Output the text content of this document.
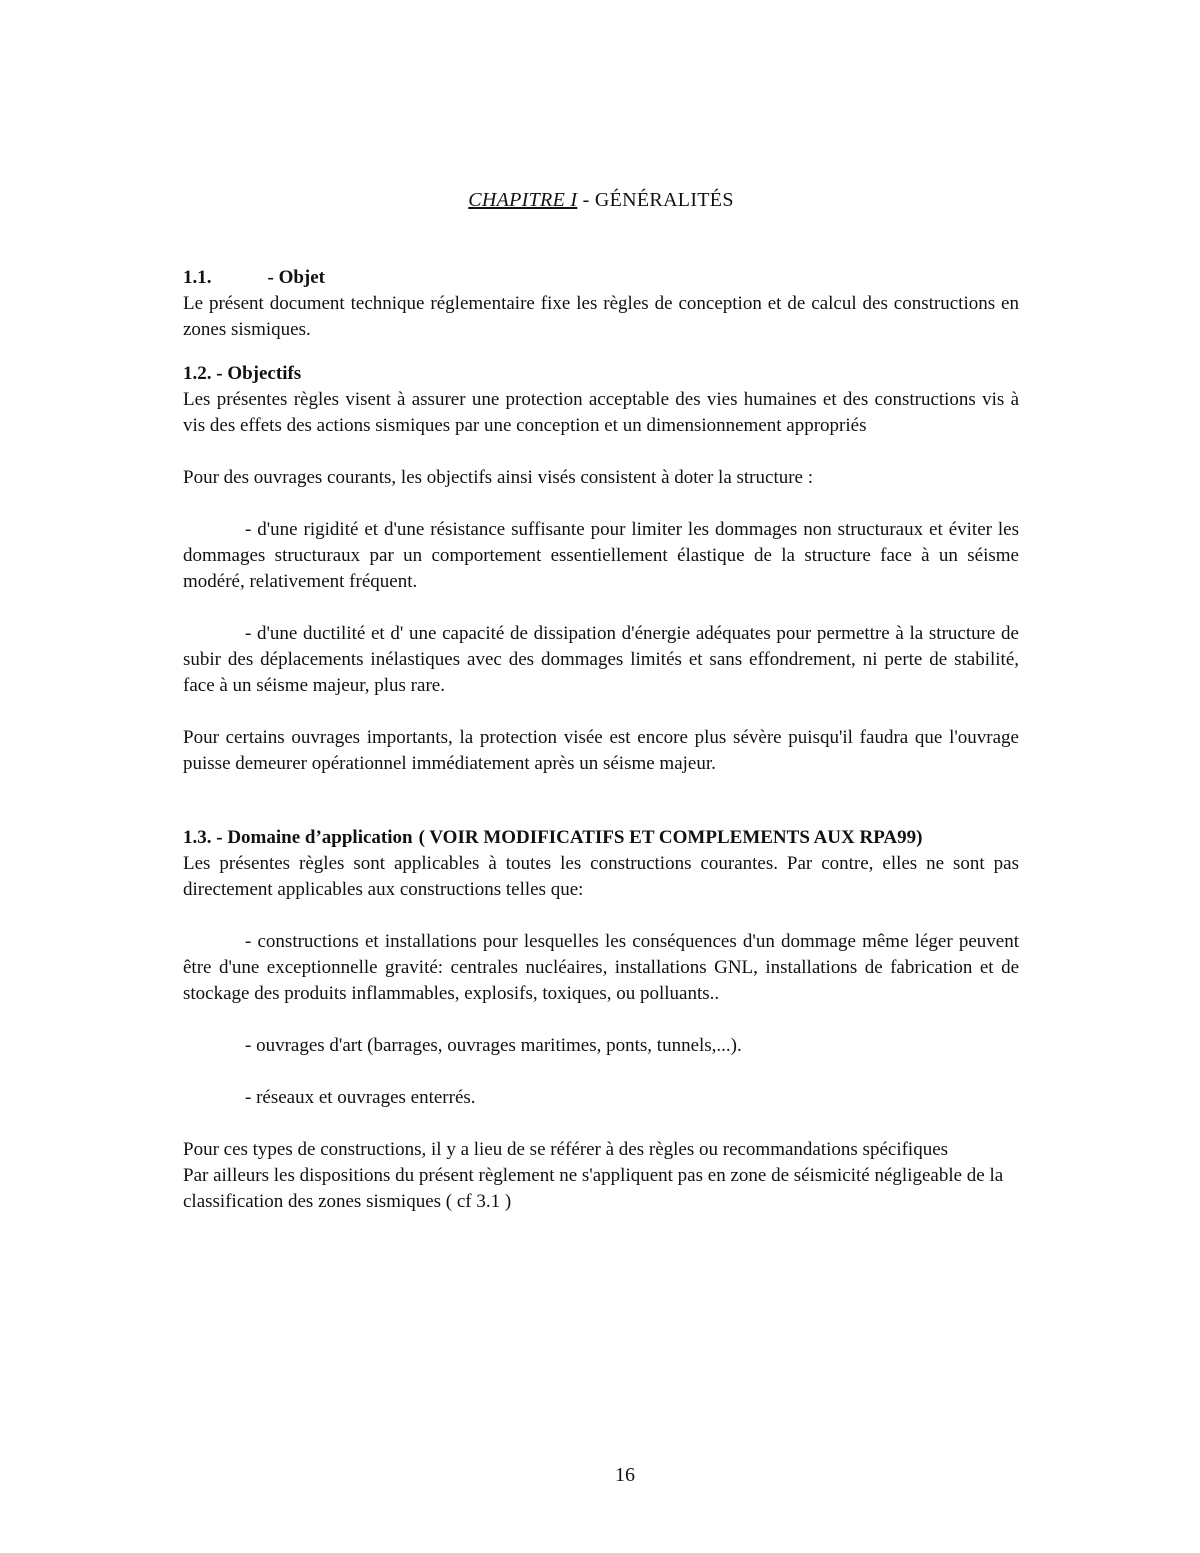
CHAPITRE I - GÉNÉRALITÉS
1.1.	- Objet

Le présent document technique réglementaire fixe les règles de conception et de calcul des constructions en zones sismiques.

1.2. - Objectifs

Les présentes règles visent à assurer une protection acceptable des vies humaines et des constructions vis à vis des effets des actions sismiques par une conception et un dimensionnement appropriés

Pour des ouvrages courants, les objectifs ainsi visés consistent à doter la structure :

- d'une rigidité et d'une résistance suffisante pour limiter les dommages non structuraux et éviter les dommages structuraux par un comportement essentiellement élastique de la structure face à un séisme modéré, relativement fréquent.

- d'une ductilité et d' une capacité de dissipation d'énergie adéquates pour permettre à la structure de subir des déplacements inélastiques avec des dommages limités et sans effondrement, ni perte de stabilité, face à un séisme majeur, plus rare.

Pour certains ouvrages importants, la protection visée est encore plus sévère puisqu'il faudra que l'ouvrage puisse demeurer opérationnel immédiatement après un séisme majeur.

1.3. - Domaine d’application ( VOIR MODIFICATIFS ET COMPLEMENTS AUX RPA99)

Les présentes règles sont applicables à toutes les constructions courantes. Par contre, elles ne sont pas directement applicables aux constructions telles que:

- constructions et installations pour lesquelles les conséquences d'un dommage même léger peuvent être d'une exceptionnelle gravité: centrales nucléaires, installations GNL, installations de fabrication et de stockage des produits inflammables, explosifs, toxiques, ou polluants..

- ouvrages d'art (barrages, ouvrages maritimes, ponts, tunnels,...).

- réseaux et ouvrages enterrés.

Pour ces types de constructions, il y a lieu de se référer à des règles ou recommandations spécifiques

Par ailleurs les dispositions du présent règlement ne s'appliquent pas en zone de séismicité négligeable de la classification des zones sismiques ( cf 3.1 )

16
